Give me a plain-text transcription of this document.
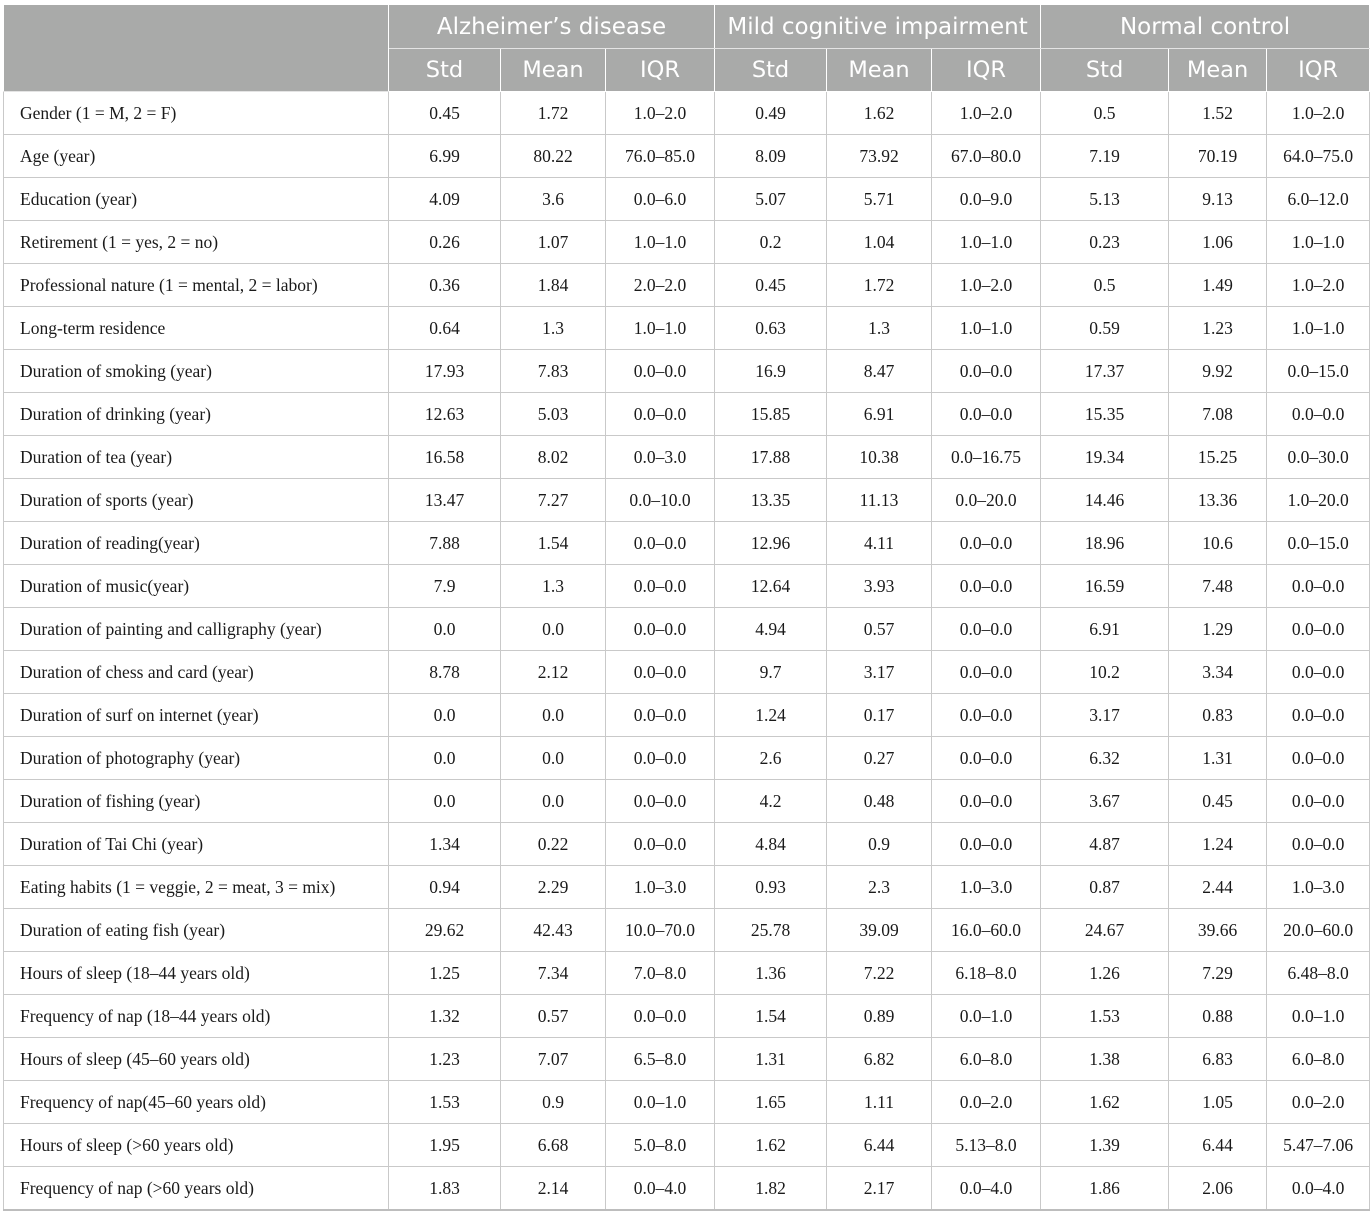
	Alzheimer’s disease			Mild cognitive impairment			Normal control		
	Std	Mean	IQR	Std	Mean	IQR	Std	Mean	IQR
Gender (1 = M, 2 = F)	0.45	1.72	1.0–2.0	0.49	1.62	1.0–2.0	0.5	1.52	1.0–2.0
Age (year)	6.99	80.22	76.0–85.0	8.09	73.92	67.0–80.0	7.19	70.19	64.0–75.0
Education (year)	4.09	3.6	0.0–6.0	5.07	5.71	0.0–9.0	5.13	9.13	6.0–12.0
Retirement (1 = yes, 2 = no)	0.26	1.07	1.0–1.0	0.2	1.04	1.0–1.0	0.23	1.06	1.0–1.0
Professional nature (1 = mental, 2 = labor)	0.36	1.84	2.0–2.0	0.45	1.72	1.0–2.0	0.5	1.49	1.0–2.0
Long-term residence	0.64	1.3	1.0–1.0	0.63	1.3	1.0–1.0	0.59	1.23	1.0–1.0
Duration of smoking (year)	17.93	7.83	0.0–0.0	16.9	8.47	0.0–0.0	17.37	9.92	0.0–15.0
Duration of drinking (year)	12.63	5.03	0.0–0.0	15.85	6.91	0.0–0.0	15.35	7.08	0.0–0.0
Duration of tea (year)	16.58	8.02	0.0–3.0	17.88	10.38	0.0–16.75	19.34	15.25	0.0–30.0
Duration of sports (year)	13.47	7.27	0.0–10.0	13.35	11.13	0.0–20.0	14.46	13.36	1.0–20.0
Duration of reading(year)	7.88	1.54	0.0–0.0	12.96	4.11	0.0–0.0	18.96	10.6	0.0–15.0
Duration of music(year)	7.9	1.3	0.0–0.0	12.64	3.93	0.0–0.0	16.59	7.48	0.0–0.0
Duration of painting and calligraphy (year)	0.0	0.0	0.0–0.0	4.94	0.57	0.0–0.0	6.91	1.29	0.0–0.0
Duration of chess and card (year)	8.78	2.12	0.0–0.0	9.7	3.17	0.0–0.0	10.2	3.34	0.0–0.0
Duration of surf on internet (year)	0.0	0.0	0.0–0.0	1.24	0.17	0.0–0.0	3.17	0.83	0.0–0.0
Duration of photography (year)	0.0	0.0	0.0–0.0	2.6	0.27	0.0–0.0	6.32	1.31	0.0–0.0
Duration of fishing (year)	0.0	0.0	0.0–0.0	4.2	0.48	0.0–0.0	3.67	0.45	0.0–0.0
Duration of Tai Chi (year)	1.34	0.22	0.0–0.0	4.84	0.9	0.0–0.0	4.87	1.24	0.0–0.0
Eating habits (1 = veggie, 2 = meat, 3 = mix)	0.94	2.29	1.0–3.0	0.93	2.3	1.0–3.0	0.87	2.44	1.0–3.0
Duration of eating fish (year)	29.62	42.43	10.0–70.0	25.78	39.09	16.0–60.0	24.67	39.66	20.0–60.0
Hours of sleep (18–44 years old)	1.25	7.34	7.0–8.0	1.36	7.22	6.18–8.0	1.26	7.29	6.48–8.0
Frequency of nap (18–44 years old)	1.32	0.57	0.0–0.0	1.54	0.89	0.0–1.0	1.53	0.88	0.0–1.0
Hours of sleep (45–60 years old)	1.23	7.07	6.5–8.0	1.31	6.82	6.0–8.0	1.38	6.83	6.0–8.0
Frequency of nap(45–60 years old)	1.53	0.9	0.0–1.0	1.65	1.11	0.0–2.0	1.62	1.05	0.0–2.0
Hours of sleep (>60 years old)	1.95	6.68	5.0–8.0	1.62	6.44	5.13–8.0	1.39	6.44	5.47–7.06
Frequency of nap (>60 years old)	1.83	2.14	0.0–4.0	1.82	2.17	0.0–4.0	1.86	2.06	0.0–4.0
